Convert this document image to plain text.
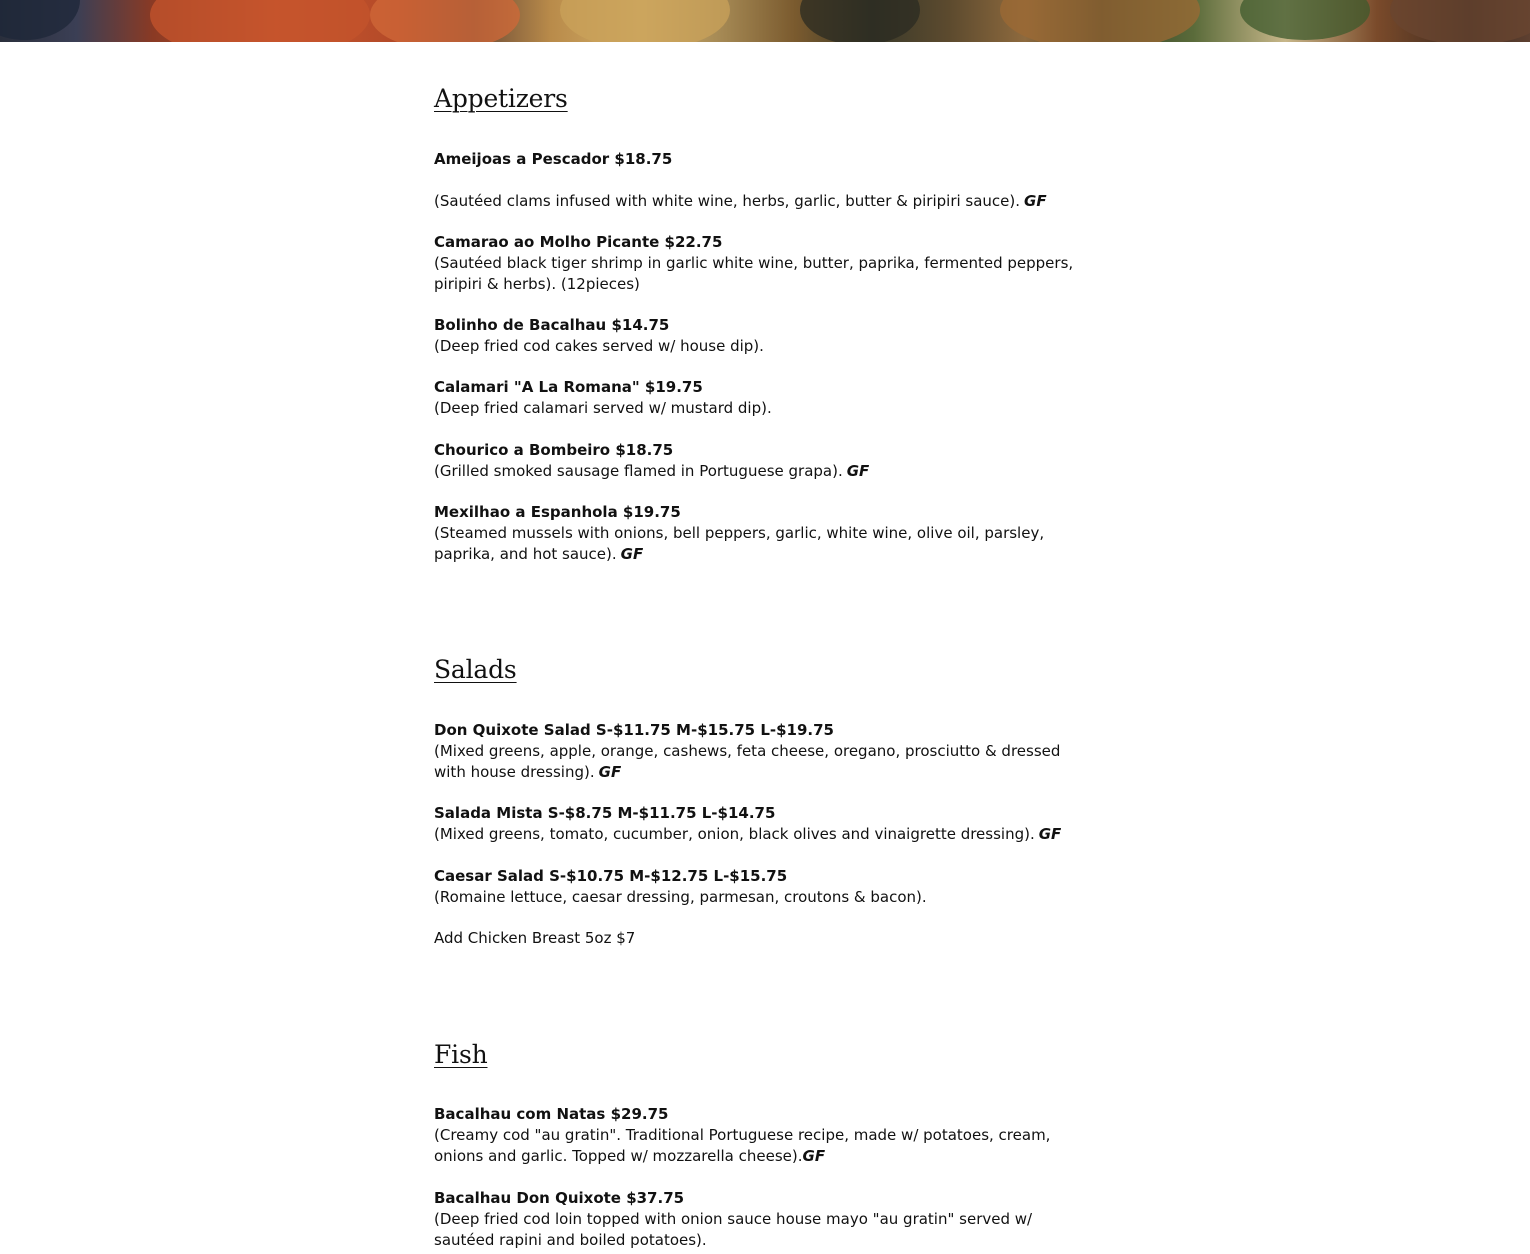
Appetizers
Ameijoas a Pescador $18.75
(Sautéed clams infused with white wine, herbs, garlic, butter & piripiri sauce). GF
Camarao ao Molho Picante $22.75
(Sautéed black tiger shrimp in garlic white wine, butter, paprika, fermented peppers, piripiri & herbs). (12pieces)
Bolinho de Bacalhau $14.75
(Deep fried cod cakes served w/ house dip).
Calamari "A La Romana" $19.75
(Deep fried calamari served w/ mustard dip).
Chourico a Bombeiro $18.75
(Grilled smoked sausage flamed in Portuguese grapa). GF
Mexilhao a Espanhola $19.75
(Steamed mussels with onions, bell peppers, garlic, white wine, olive oil, parsley, paprika, and hot sauce). GF
Salads
Don Quixote Salad S-$11.75 M-$15.75 L-$19.75
(Mixed greens, apple, orange, cashews, feta cheese, oregano, prosciutto & dressed with house dressing). GF
Salada Mista S-$8.75 M-$11.75 L-$14.75
(Mixed greens, tomato, cucumber, onion, black olives and vinaigrette dressing). GF
Caesar Salad S-$10.75 M-$12.75 L-$15.75
(Romaine lettuce, caesar dressing, parmesan, croutons & bacon).
Add Chicken Breast 5oz $7
Fish
Bacalhau com Natas $29.75
(Creamy cod "au gratin". Traditional Portuguese recipe, made w/ potatoes, cream, onions and garlic. Topped w/ mozzarella cheese).GF
Bacalhau Don Quixote $37.75
(Deep fried cod loin topped with onion sauce house mayo "au gratin" served w/ sautéed rapini and boiled potatoes).
